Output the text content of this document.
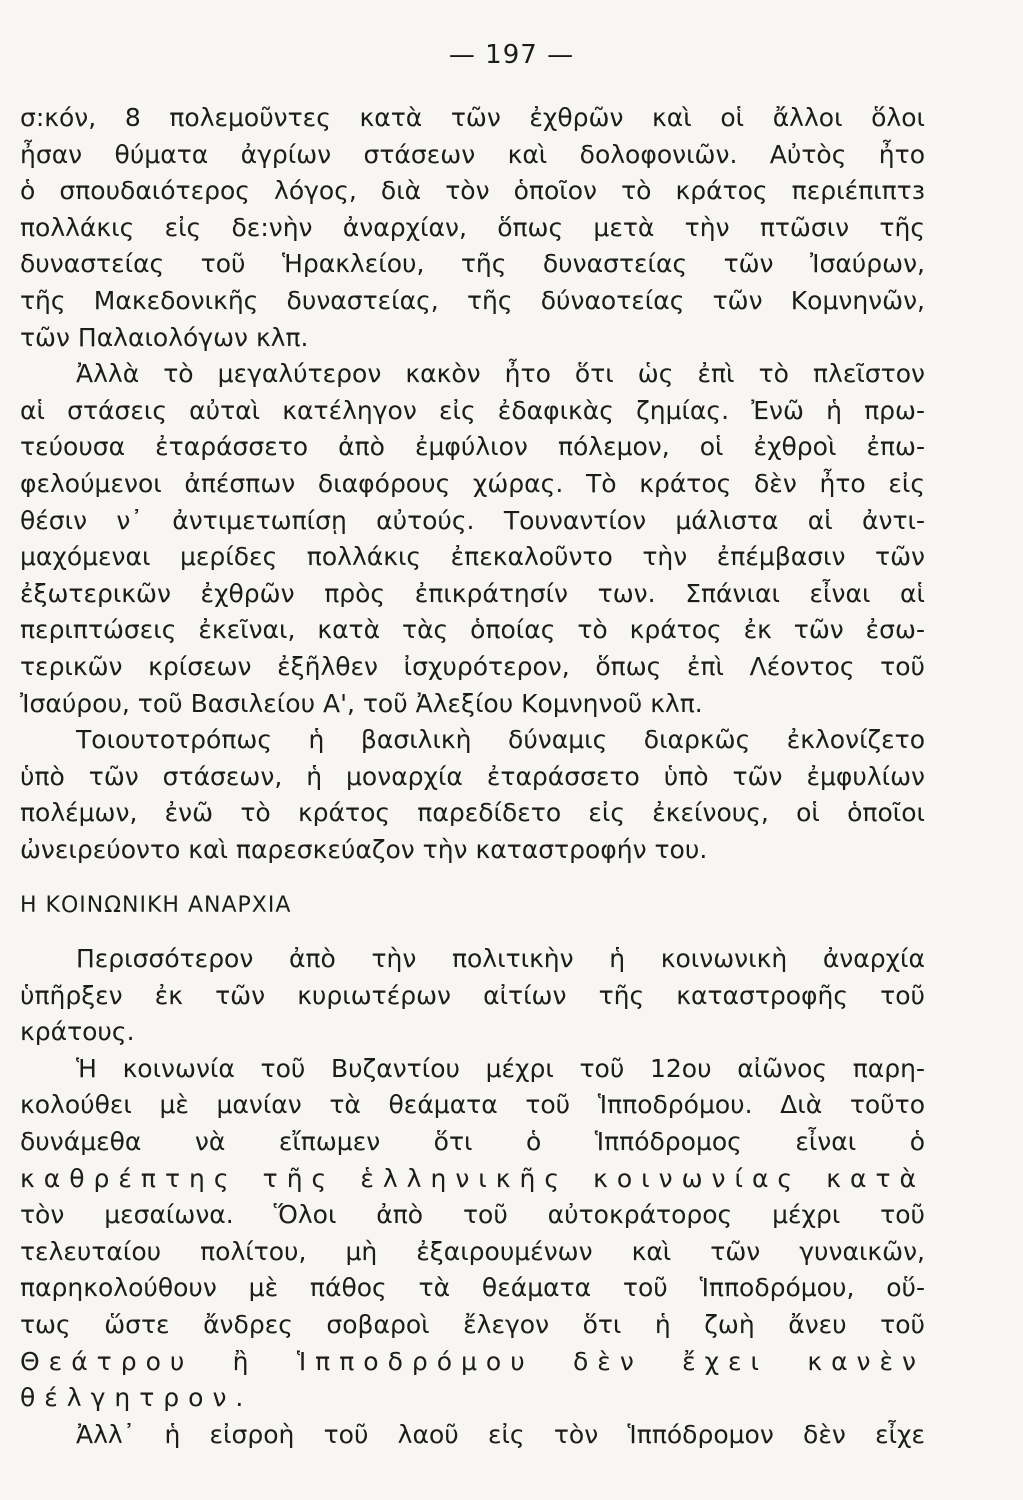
— 197 —
σ:κόν, 8 πολεμοῦντες κατὰ τῶν ἐχθρῶν καὶ οἱ ἄλλοι ὅλοι
ἦσαν θύματα ἀγρίων στάσεων καὶ δολοφονιῶν. Αὐτὸς ἦτο
ὁ σπουδαιότερος λόγος, διὰ τὸν ὁποῖον τὸ κράτος περιέπιπτз
πολλάκις εἰς δε:νὴν ἀναρχίαν, ὅπως μετὰ τὴν πτῶσιν τῆς
δυναστείας τοῦ Ἡρακλείου, τῆς δυναστείας τῶν Ἰσαύρων,
τῆς Μακεδονικῆς δυναστείας, τῆς δύναοτείας τῶν Κομνηνῶν,
τῶν Παλαιολόγων κλπ.
Ἀλλὰ τὸ μεγαλύτερον κακὸν ἦτο ὅτι ὡς ἐπὶ τὸ πλεῖστον
αἱ στάσεις αὐταὶ κατέληγον εἰς ἐδαφικὰς ζημίας. Ἐνῶ ἡ πρω-
τεύουσα ἐταράσσετο ἀπὸ ἐμφύλιον πόλεμον, οἱ ἐχθροὶ ἐπω-
φελούμενοι ἀπέσπων διαφόρους χώρας. Τὸ κράτος δὲν ἦτο εἰς
θέσιν ν᾽ ἀντιμετωπίσῃ αὐτούς. Τουναντίον μάλιστα αἱ ἀντι-
μαχόμεναι μερίδες πολλάκις ἐπεκαλοῦντο τὴν ἐπέμβασιν τῶν
ἐξωτερικῶν ἐχθρῶν πρὸς ἐπικράτησίν των. Σπάνιαι εἶναι αἱ
περιπτώσεις ἐκεῖναι, κατὰ τὰς ὁποίας τὸ κράτος ἐκ τῶν ἐσω-
τερικῶν κρίσεων ἐξῆλθεν ἰσχυρότερον, ὅπως ἐπὶ Λέοντος τοῦ
Ἰσαύρου, τοῦ Βασιλείου Α', τοῦ Ἀλεξίου Κομνηνοῦ κλπ.
Τοιουτοτρόπως ἡ βασιλικὴ δύναμις διαρκῶς ἐκλονίζετο
ὑπὸ τῶν στάσεων, ἡ μοναρχία ἐταράσσετο ὑπὸ τῶν ἐμφυλίων
πολέμων, ἐνῶ τὸ κράτος παρεδίδετο εἰς ἐκείνους, οἱ ὁποῖοι
ὠνειρεύοντο καὶ παρεσκεύαζον τὴν καταστροφήν του.
Η ΚΟΙΝΩΝΙΚΗ ΑΝΑΡΧΙΑ
Περισσότερον ἀπὸ τὴν πολιτικὴν ἡ κοινωνικὴ ἀναρχία
ὑπῆρξεν ἐκ τῶν κυριωτέρων αἰτίων τῆς καταστροφῆς τοῦ
κράτους.
Ἡ κοινωνία τοῦ Βυζαντίου μέχρι τοῦ 12ου αἰῶνος παρη-
κολούθει μὲ μανίαν τὰ θεάματα τοῦ Ἱπποδρόμου. Διὰ τοῦτο
δυνάμεθα νὰ εἴπωμεν ὅτι ὁ Ἱππόδρομος εἶναι ὁ
καθρέπτης τῆς ἑλληνικῆς κοινωνίας κατὰ
τὸν μεσαίωνα. Ὅλοι ἀπὸ τοῦ αὐτοκράτορος μέχρι τοῦ
τελευταίου πολίτου, μὴ ἐξαιρουμένων καὶ τῶν γυναικῶν,
παρηκολούθουν μὲ πάθος τὰ θεάματα τοῦ Ἱπποδρόμου, οὕ-
τως ὥστε ἄνδρες σοβαροὶ ἔλεγον ὅτι ἡ ζωὴ ἄνευ τοῦ
Θεάτρου ἢ Ἱπποδρόμου δὲν ἔχει κανὲν
θέλγητρον.
Ἀλλ᾽ ἡ εἰσροὴ τοῦ λαοῦ εἰς τὸν Ἱππόδρομον δὲν εἶχε
